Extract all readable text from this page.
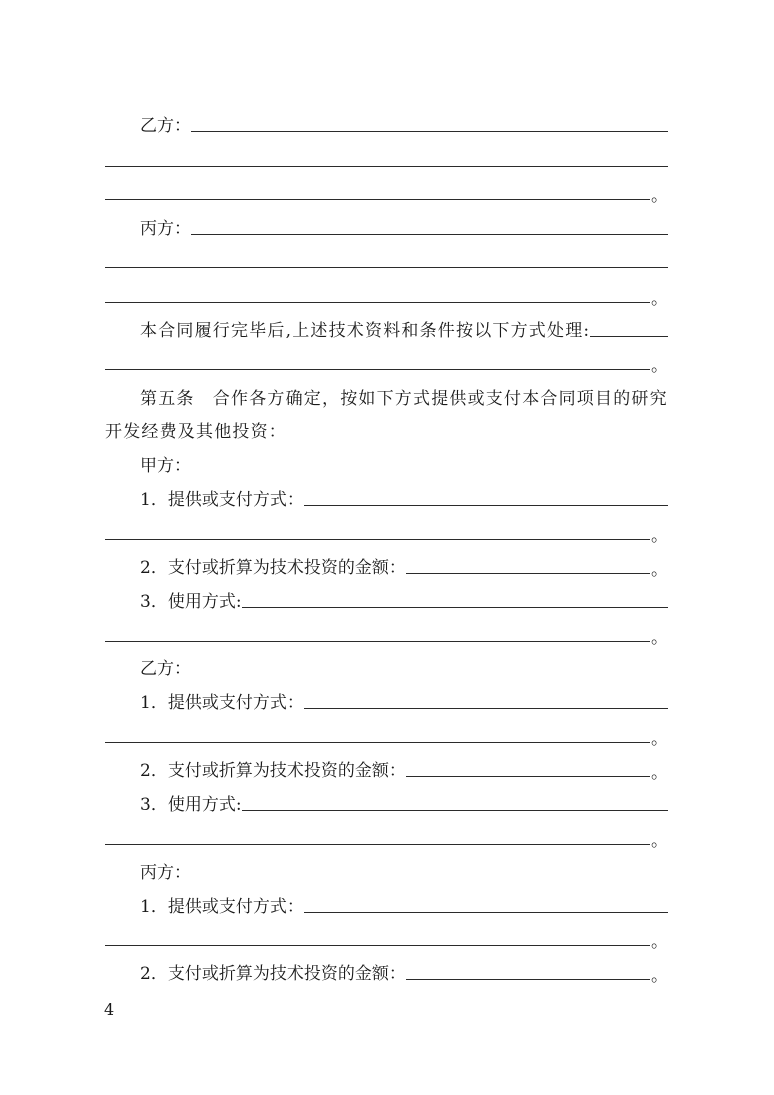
乙方：
。
丙方：
。
本合同履行完毕后,上述技术资料和条件按以下方式处理:
。
第五条　合作各方确定，按如下方式提供或支付本合同项目的研究
开发经费及其他投资：
甲方：
1．提供或支付方式：
。
2．支付或折算为技术投资的金额：	。
3．使用方式:
。
乙方：
1．提供或支付方式：
。
2．支付或折算为技术投资的金额：	。
3．使用方式:
。
丙方：
1．提供或支付方式：
。
2．支付或折算为技术投资的金额：	。
4
